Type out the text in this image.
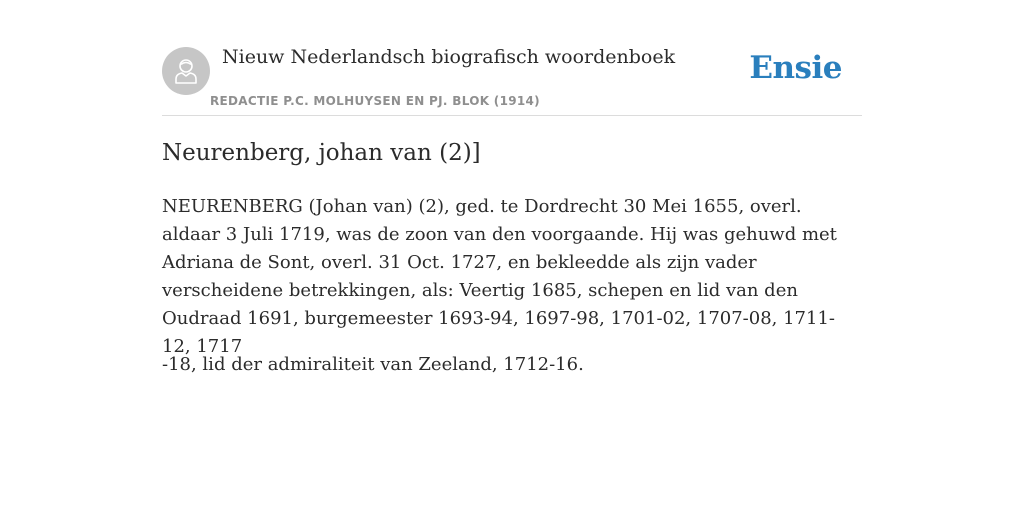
Nieuw Nederlandsch biografisch woordenboek
REDACTIE P.C. MOLHUYSEN EN PJ. BLOK (1914)
Ensie
Neurenberg, johan van (2)]

NEURENBERG (Johan van) (2), ged. te Dordrecht 30 Mei 1655, overl. aldaar 3 Juli 1719, was de zoon van den voorgaande. Hij was gehuwd met Adriana de Sont, overl. 31 Oct. 1727, en bekleedde als zijn vader verscheidene betrekkingen, als: Veertig 1685, schepen en lid van den Oudraad 1691, burgemeester 1693-94, 1697-98, 1701-02, 1707-08, 1711-12, 1717

-18, lid der admiraliteit van Zeeland, 1712-16.
